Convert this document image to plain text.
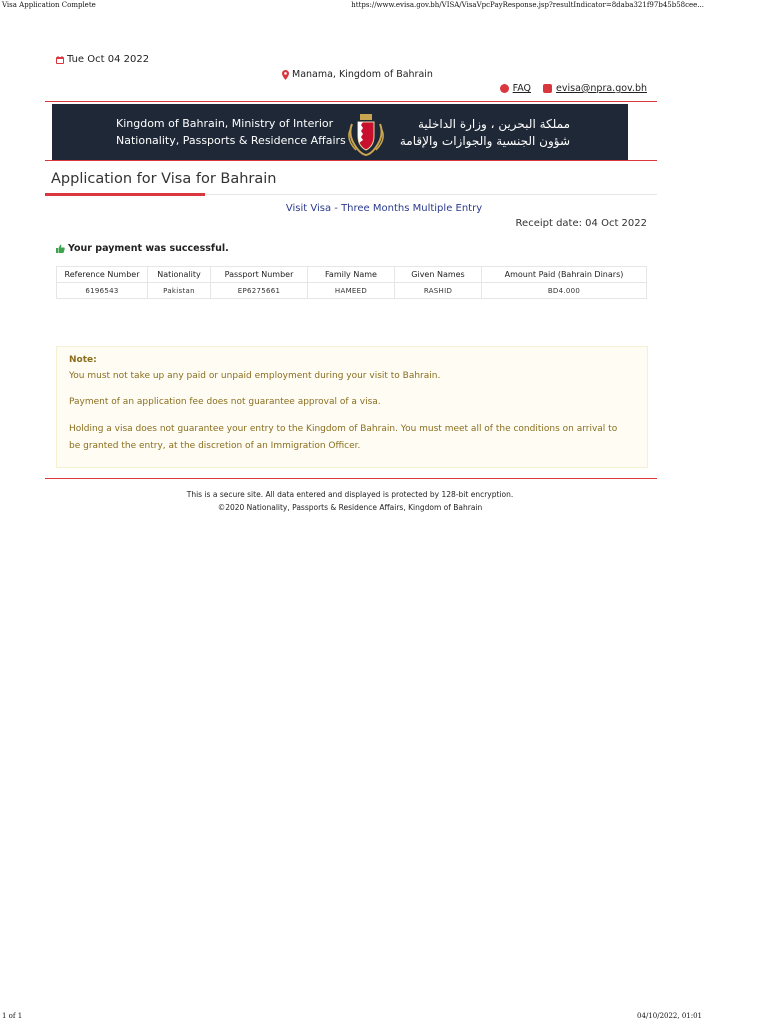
Visa Application Complete	https://www.evisa.gov.bh/VISA/VisaVpcPayResponse.jsp?resultIndicator=8daba321f97b45b58cee...
Tue Oct 04 2022
Manama, Kingdom of Bahrain
FAQ	evisa@npra.gov.bh
Kingdom of Bahrain, Ministry of Interior
Nationality, Passports & Residence Affairs
مملكة البحرين ، وزارة الداخلية
شؤون الجنسية والجوازات والإقامة
Application for Visa for Bahrain
Visit Visa - Three Months Multiple Entry
Receipt date: 04 Oct 2022
Your payment was successful.
Reference Number	Nationality	Passport Number	Family Name	Given Names	Amount Paid (Bahrain Dinars)
6196543	Pakistan	EP6275661	HAMEED	RASHID	BD4.000
Note:
You must not take up any paid or unpaid employment during your visit to Bahrain.
Payment of an application fee does not guarantee approval of a visa.
Holding a visa does not guarantee your entry to the Kingdom of Bahrain. You must meet all of the conditions on arrival to be granted the entry, at the discretion of an Immigration Officer.
This is a secure site. All data entered and displayed is protected by 128-bit encryption.
©2020 Nationality, Passports & Residence Affairs, Kingdom of Bahrain
1 of 1	04/10/2022, 01:01
